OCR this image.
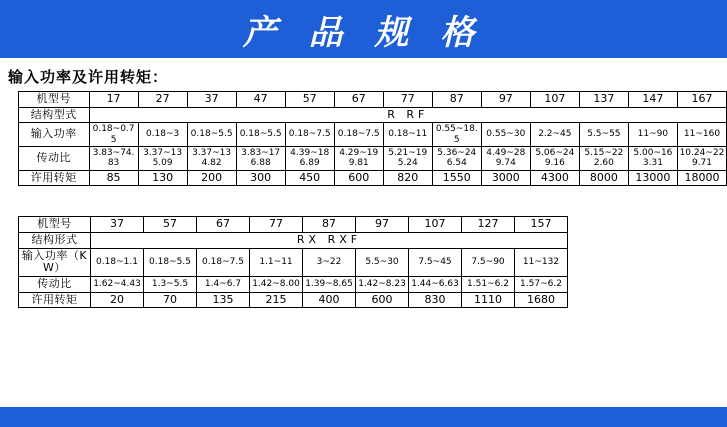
产 品 规 格
输入功率及许用转矩：
机型号	17	27	37	47	57	67	77	87	97	107	137	147	167
结构型式	R RF												
输入功率	0.18~0.75	0.18~3	0.18~5.5	0.18~5.5	0.18~7.5	0.18~7.5	0.18~11	0.55~18.5	0.55~30	2.2~45	5.5~55	11~90	11~160
传动比	3.83~74.83	3.37~135.09	3.37~134.82	3.83~176.88	4.39~186.89	4.29~199.81	5.21~195.24	5.36~246.54	4.49~289.74	5.06~249.16	5.15~222.60	5.00~163.31	10.24~229.71
许用转矩	85	130	200	300	450	600	820	1550	3000	4300	8000	13000	18000
机型号	37	57	67	77	87	97	107	127	157
结构形式	RX RXF								
输入功率（KW）	0.18~1.1	0.18~5.5	0.18~7.5	1.1~11	3~22	5.5~30	7.5~45	7.5~90	11~132
传动比	1.62~4.43	1.3~5.5	1.4~6.7	1.42~8.00	1.39~8.65	1.42~8.23	1.44~6.63	1.51~6.2	1.57~6.2
许用转矩	20	70	135	215	400	600	830	1110	1680
